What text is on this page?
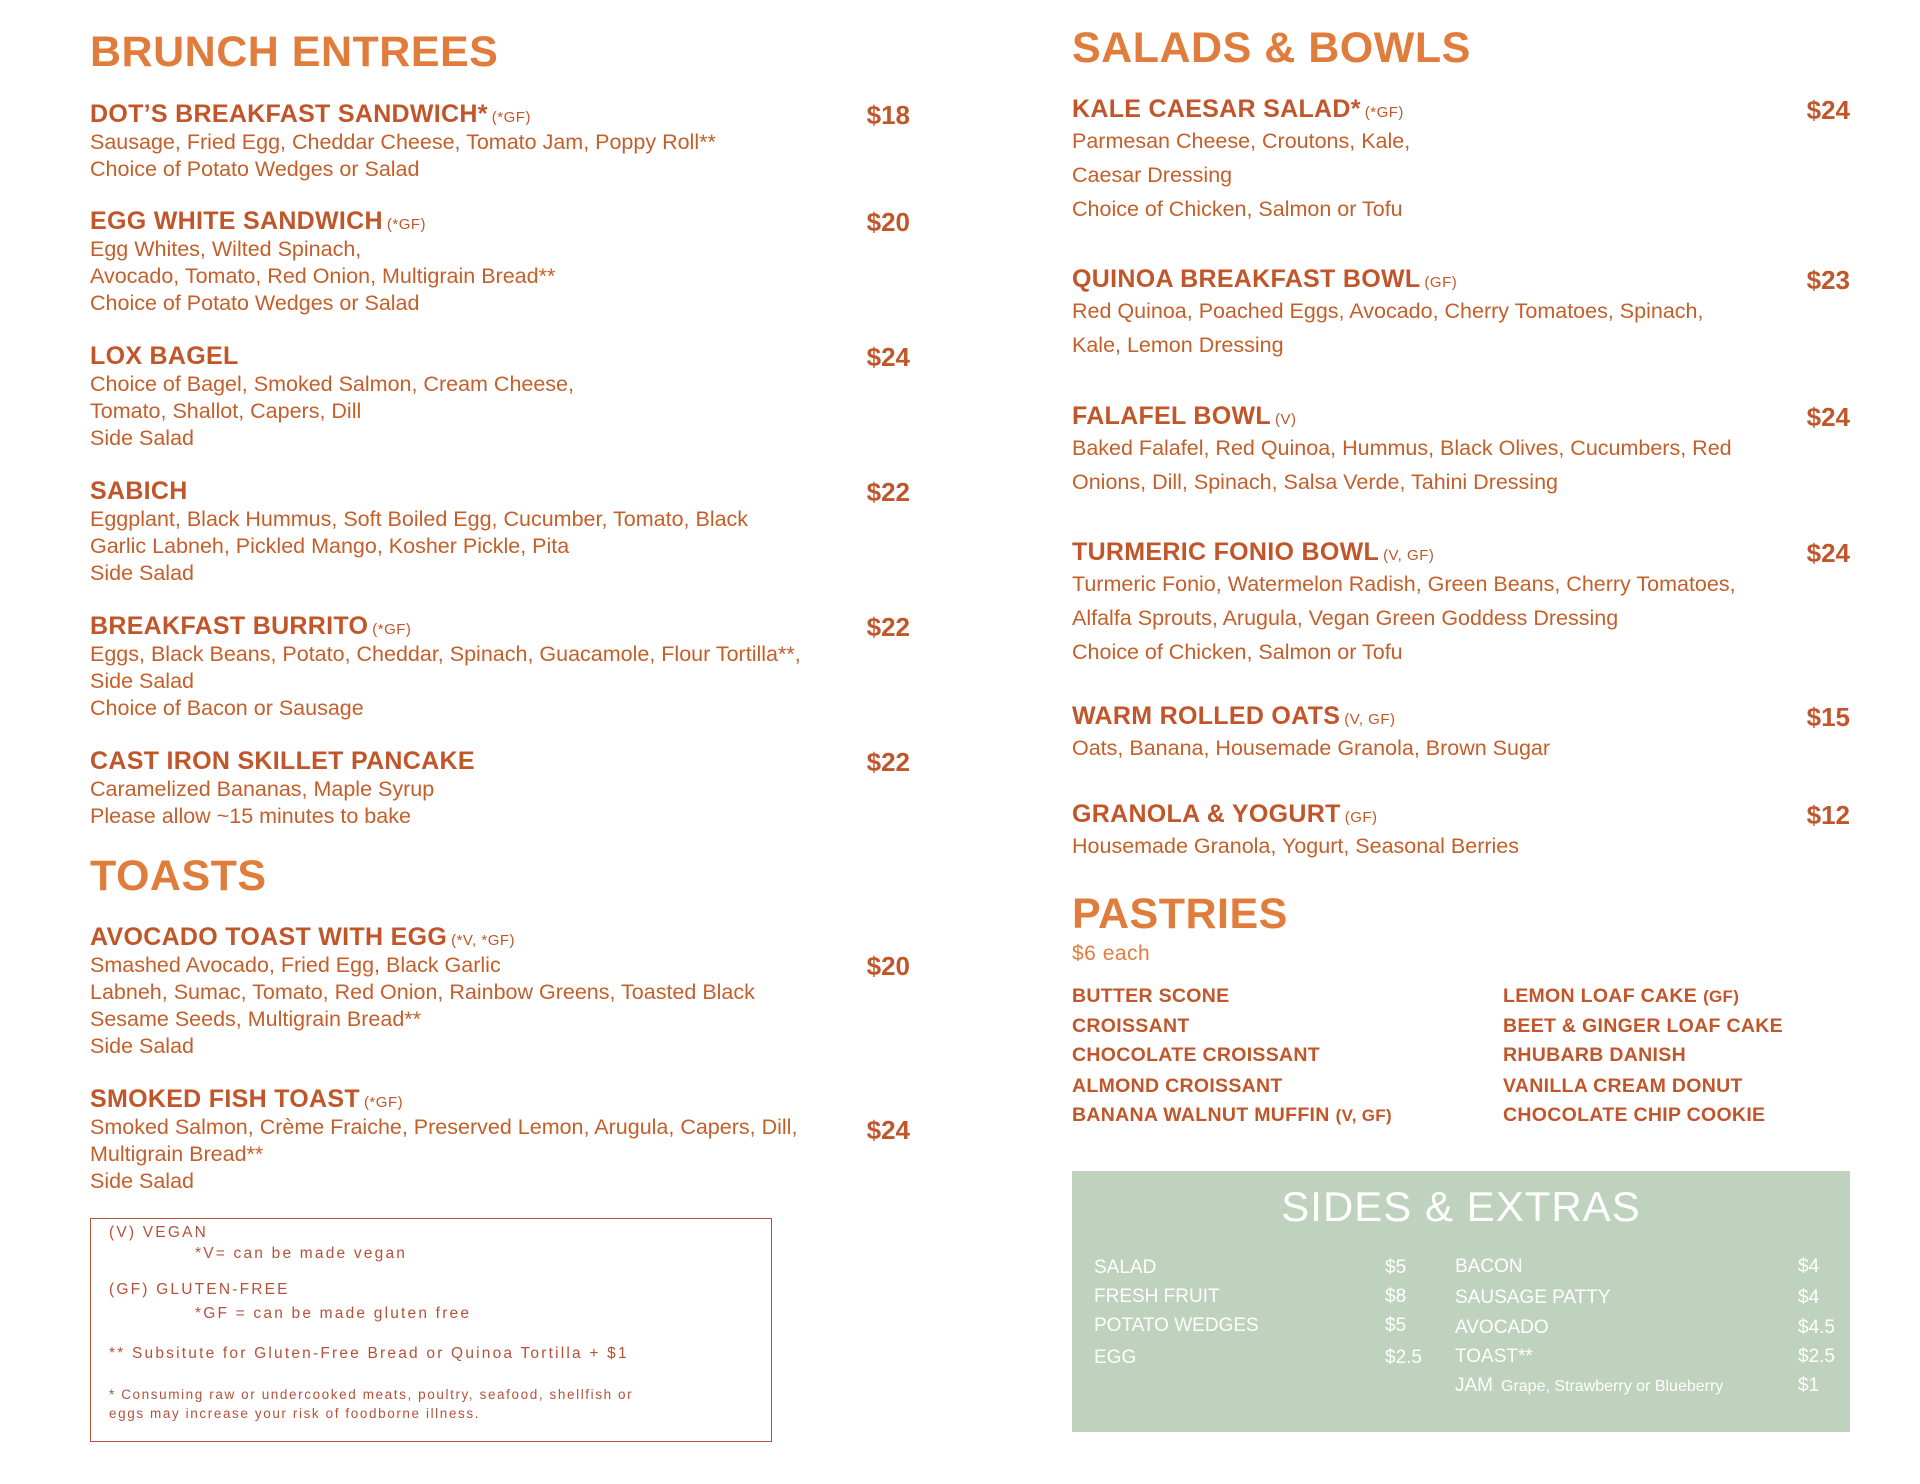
BRUNCH ENTREES
DOT’S BREAKFAST SANDWICH* (*GF)
Sausage, Fried Egg, Cheddar Cheese, Tomato Jam, Poppy Roll**
Choice of Potato Wedges or Salad
$18
EGG WHITE SANDWICH (*GF)
Egg Whites, Wilted Spinach,
Avocado, Tomato, Red Onion, Multigrain Bread**
Choice of Potato Wedges or Salad
$20
LOX BAGEL
Choice of Bagel, Smoked Salmon, Cream Cheese,
Tomato, Shallot, Capers, Dill
Side Salad
$24
SABICH
Eggplant, Black Hummus, Soft Boiled Egg, Cucumber, Tomato, Black
Garlic Labneh, Pickled Mango, Kosher Pickle, Pita
Side Salad
$22
BREAKFAST BURRITO (*GF)
Eggs, Black Beans, Potato, Cheddar, Spinach, Guacamole, Flour Tortilla**,
Side Salad
Choice of Bacon or Sausage
$22
CAST IRON SKILLET PANCAKE
Caramelized Bananas, Maple Syrup
Please allow ~15 minutes to bake
$22
TOASTS
AVOCADO TOAST WITH EGG (*V, *GF)
Smashed Avocado, Fried Egg, Black Garlic
Labneh, Sumac, Tomato, Red Onion, Rainbow Greens, Toasted Black
Sesame Seeds, Multigrain Bread**
Side Salad
$20
SMOKED FISH TOAST (*GF)
Smoked Salmon, Crème Fraiche, Preserved Lemon, Arugula, Capers, Dill,
Multigrain Bread**
Side Salad
$24
(V) VEGAN
*V= can be made vegan
(GF) GLUTEN-FREE
*GF = can be made gluten free
** Subsitute for Gluten-Free Bread or Quinoa Tortilla + $1
* Consuming raw or undercooked meats, poultry, seafood, shellfish or
eggs may increase your risk of foodborne illness.
SALADS & BOWLS
KALE CAESAR SALAD* (*GF)
Parmesan Cheese, Croutons, Kale,
Caesar Dressing
Choice of Chicken, Salmon or Tofu
$24
QUINOA BREAKFAST BOWL (GF)
Red Quinoa, Poached Eggs, Avocado, Cherry Tomatoes, Spinach,
Kale, Lemon Dressing
$23
FALAFEL BOWL (V)
Baked Falafel, Red Quinoa, Hummus, Black Olives, Cucumbers, Red
Onions, Dill, Spinach, Salsa Verde, Tahini Dressing
$24
TURMERIC FONIO BOWL (V, GF)
Turmeric Fonio, Watermelon Radish, Green Beans, Cherry Tomatoes,
Alfalfa Sprouts, Arugula, Vegan Green Goddess Dressing
Choice of Chicken, Salmon or Tofu
$24
WARM ROLLED OATS (V, GF)
Oats, Banana, Housemade Granola, Brown Sugar
$15
GRANOLA & YOGURT (GF)
Housemade Granola, Yogurt, Seasonal Berries
$12
PASTRIES
$6 each
BUTTER SCONE
CROISSANT
CHOCOLATE CROISSANT
ALMOND CROISSANT
BANANA WALNUT MUFFIN (V, GF)
LEMON LOAF CAKE (GF)
BEET & GINGER LOAF CAKE
RHUBARB DANISH
VANILLA CREAM DONUT
CHOCOLATE CHIP COOKIE
SIDES & EXTRAS
SALAD	$5
FRESH FRUIT	$8
POTATO WEDGES	$5
EGG	$2.5
BACON	$4
SAUSAGE PATTY	$4
AVOCADO	$4.5
TOAST**	$2.5
JAM Grape, Strawberry or Blueberry	$1
